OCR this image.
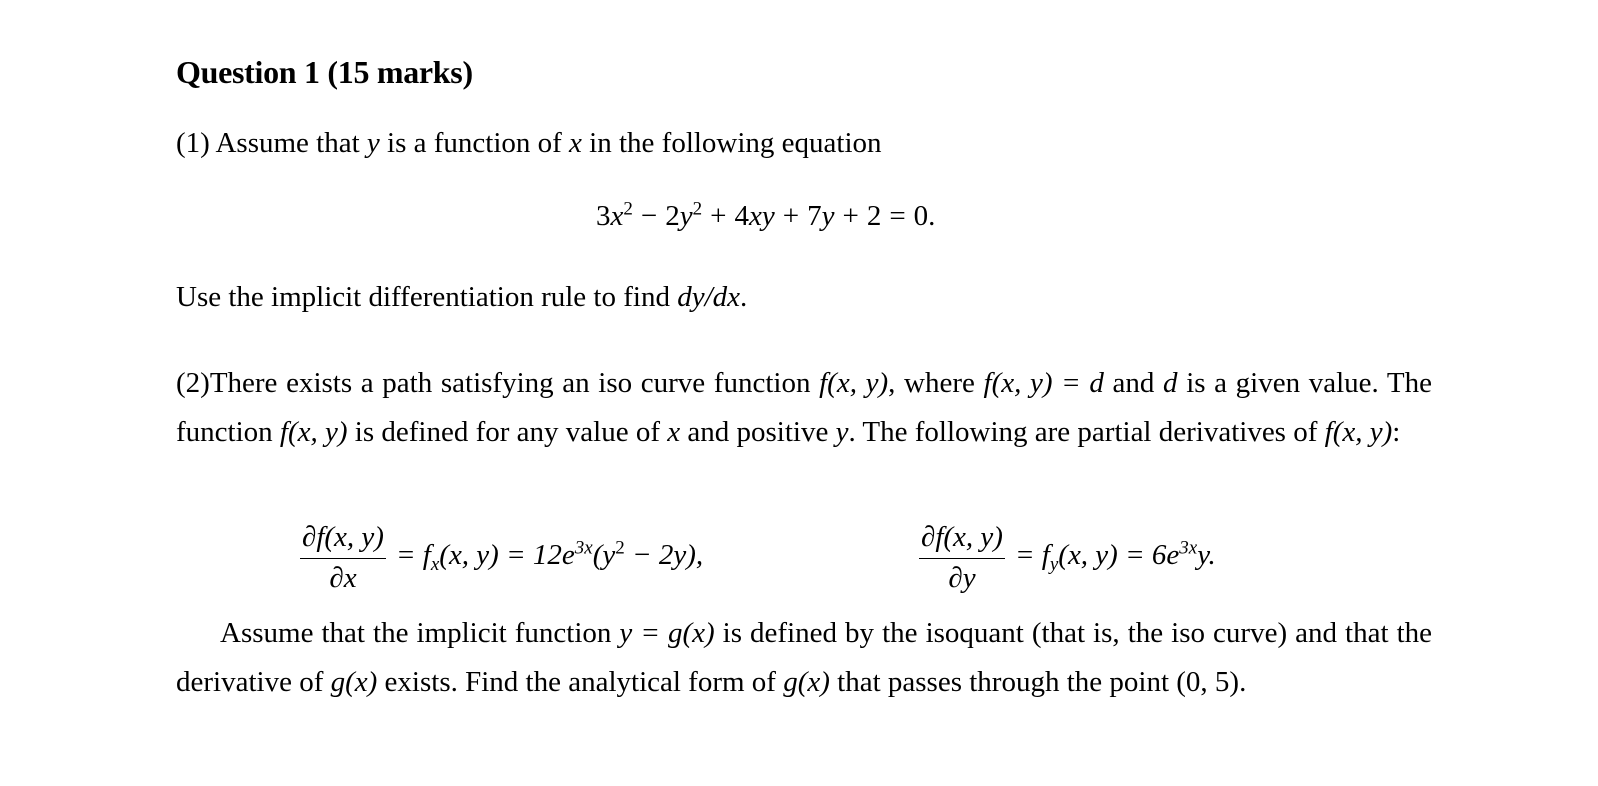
Question 1 (15 marks)
(1) Assume that y is a function of x in the following equation
$3x^2 - 2y^2 + 4xy + 7y + 2 = 0$.
Use the implicit differentiation rule to find dy/dx.
(2)There exists a path satisfying an iso curve function f(x, y), where f(x, y) = d and d is a given value. The function f(x, y) is defined for any value of x and positive y. The following are partial derivatives of f(x, y):
$\frac{\partial f(x, y)}{\partial x} = f_x(x$, $y) = 12e^{3x}(y^2 - 2y)$,	$\frac{\partial f(x, y)}{\partial y} = f_y(x$, $y) = 6e^{3x}y$.
Assume that the implicit function y = g(x) is defined by the isoquant (that is, the iso curve) and that the derivative of g(x) exists. Find the analytical form of g(x) that passes through the point (0, 5).
